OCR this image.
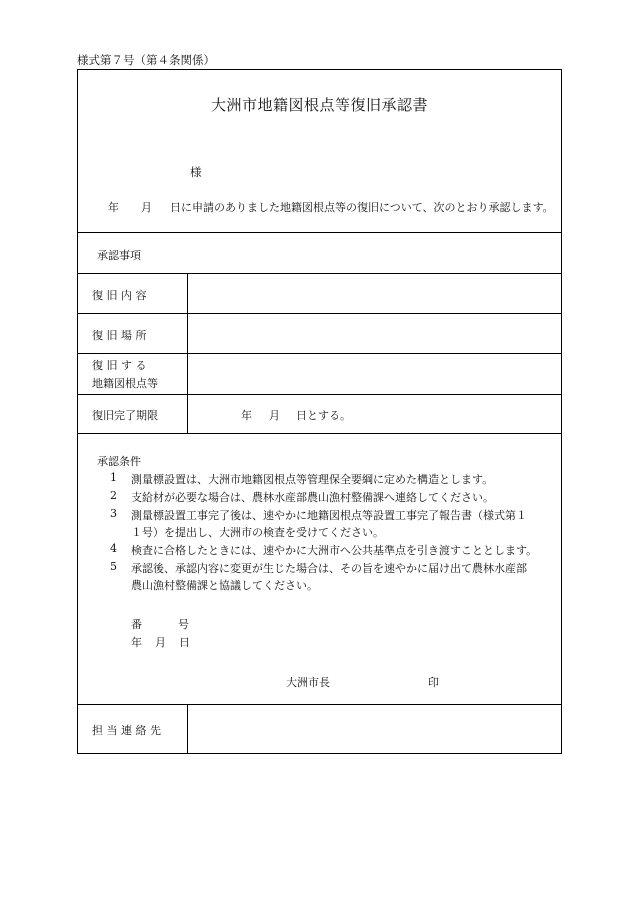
様式第７号（第４条関係）
大洲市地籍図根点等復旧承認書
様
年 月 日に申請のありました地籍図根点等の復旧について、次のとおり承認します。
承認事項
復 旧 内 容
復 旧 場 所
復 旧 す る
地籍図根点等
復旧完了期限	年 月 日とする。
承認条件
1 測量標設置は、大洲市地籍図根点等管理保全要綱に定めた構造とします。
2 支給材が必要な場合は、農林水産部農山漁村整備課へ連絡してください。
3 測量標設置工事完了後は、速やかに地籍図根点等設置工事完了報告書（様式第１
１号）を提出し、大洲市の検査を受けてください。
4 検査に合格したときには、速やかに大洲市へ公共基準点を引き渡すこととします。
5 承認後、承認内容に変更が生じた場合は、その旨を速やかに届け出て農林水産部
農山漁村整備課と協議してください。
番	号
年 月 日
大洲市長	印
担 当 連 絡 先
